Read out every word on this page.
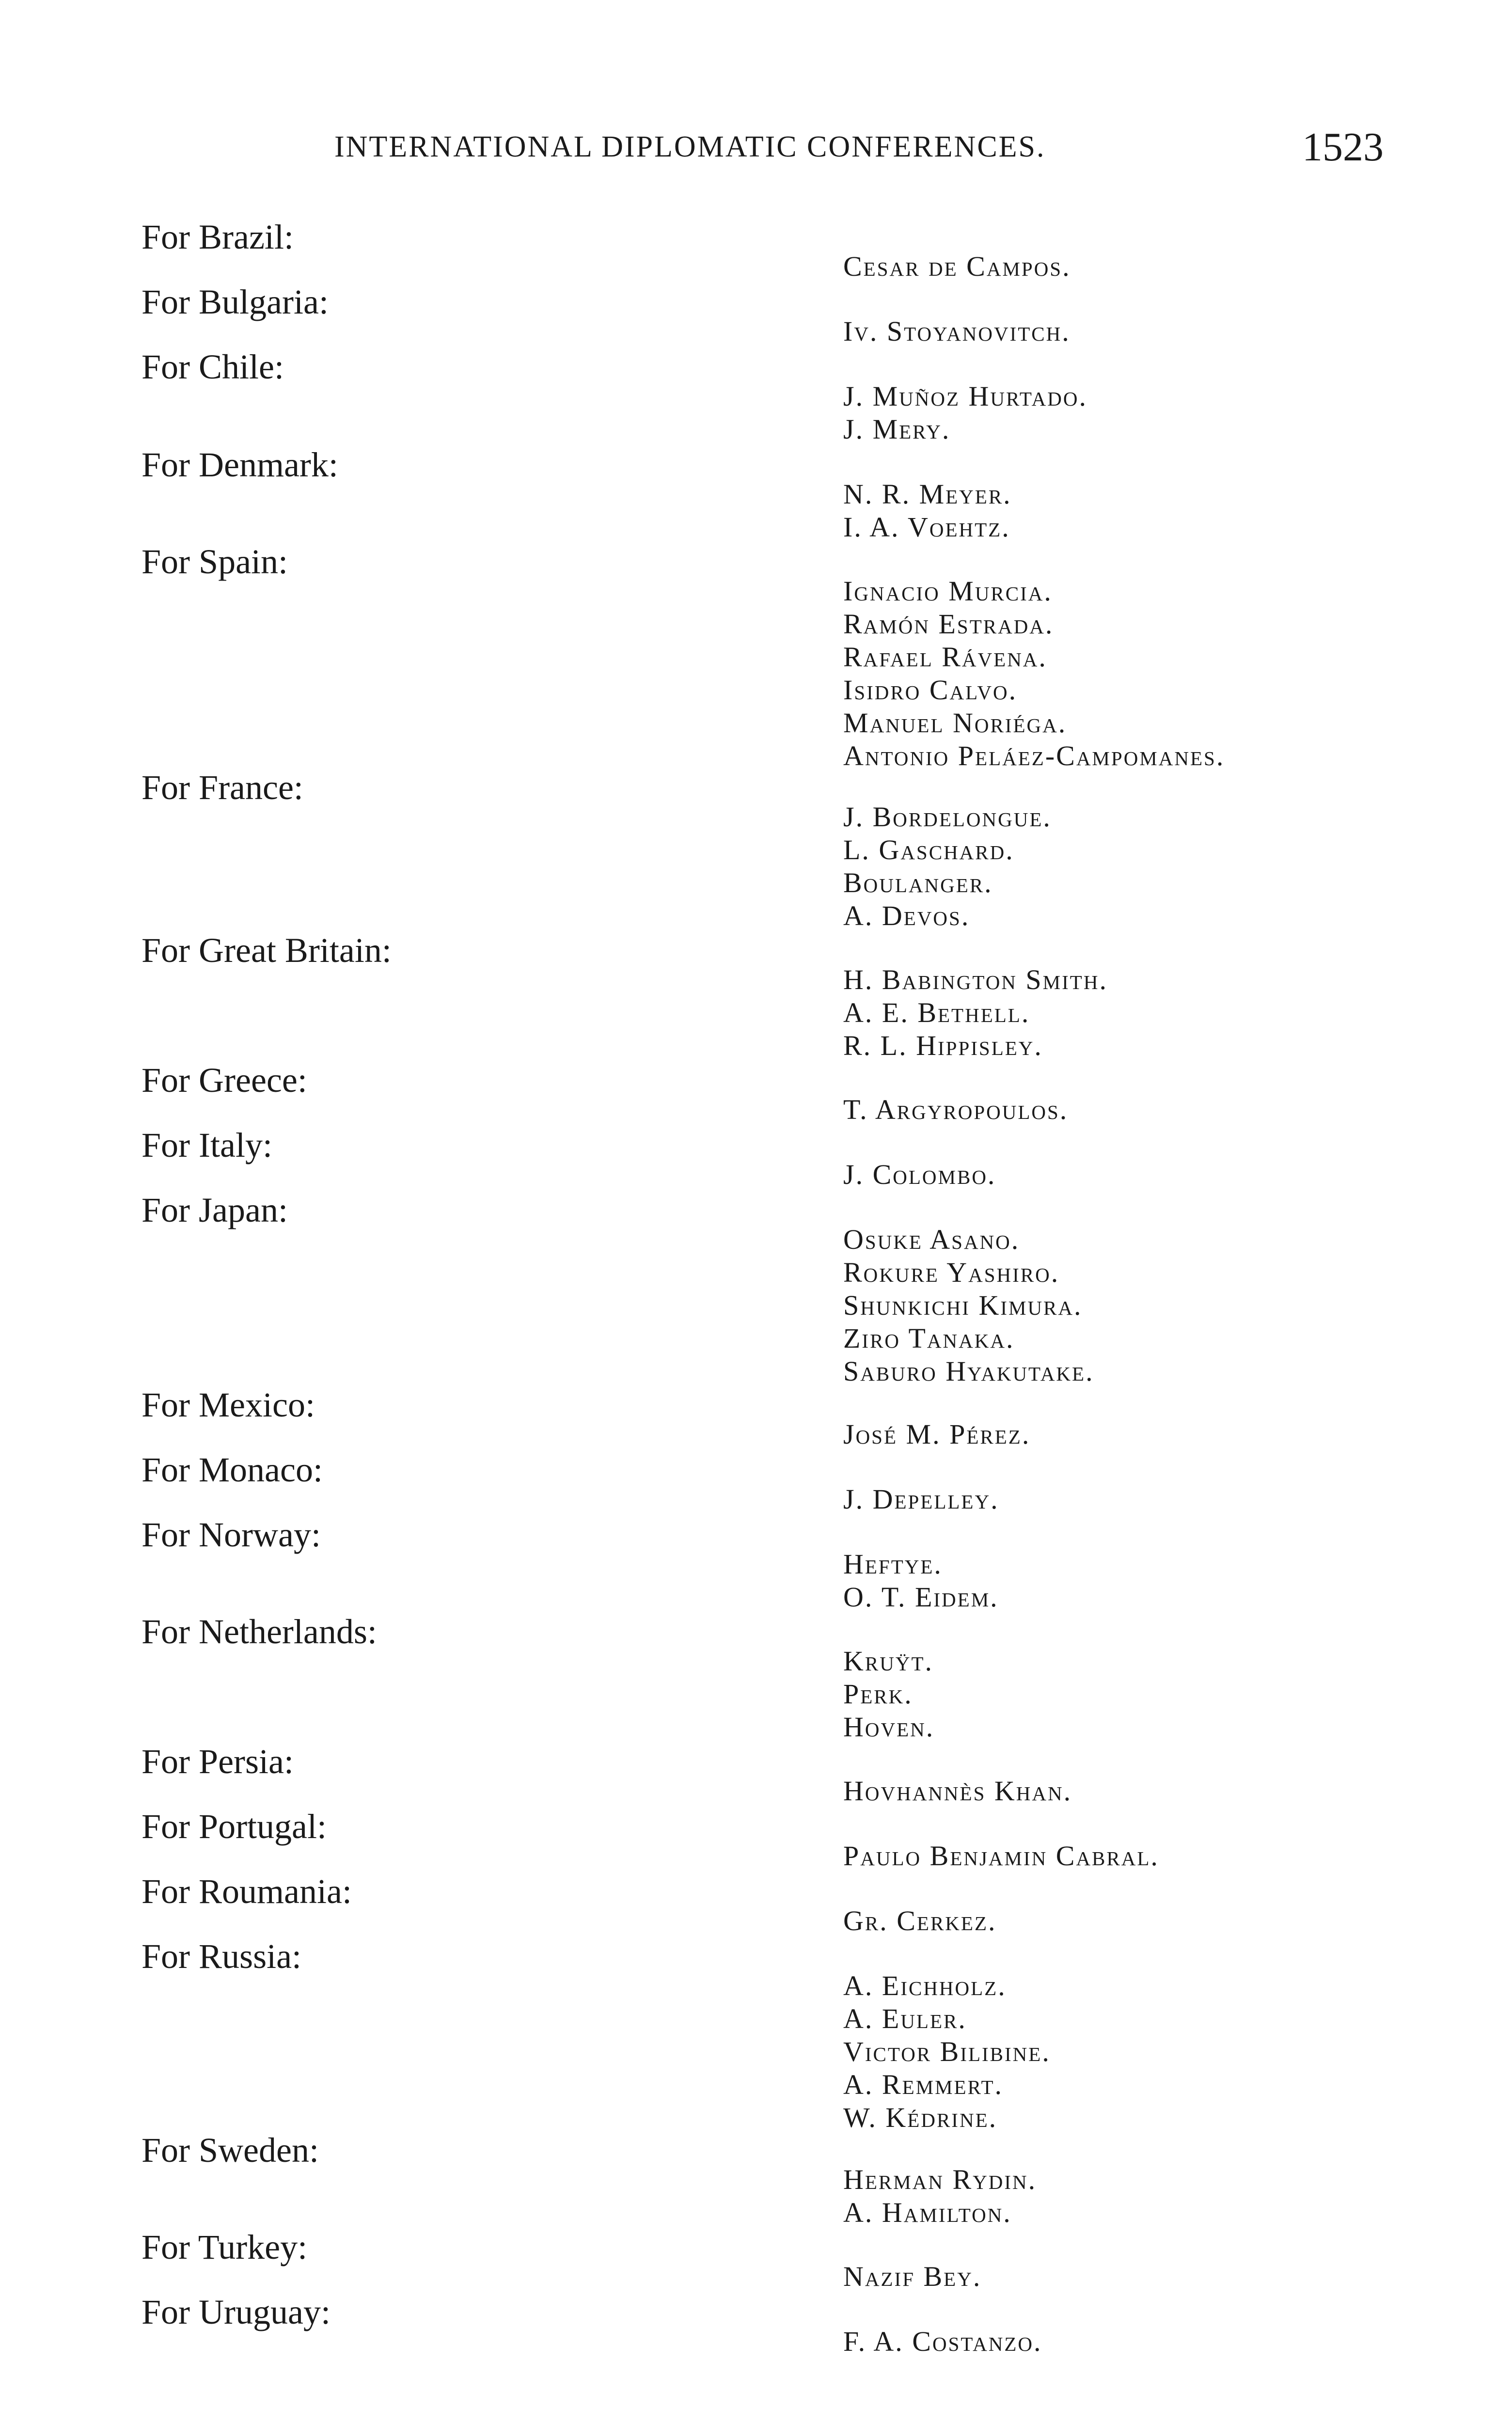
INTERNATIONAL DIPLOMATIC CONFERENCES.	1523
For Brazil:
Cesar de Campos.
For Bulgaria:
Iv. Stoyanovitch.
For Chile:
J. Muñoz Hurtado.
J. Mery.
For Denmark:
N. R. Meyer.
I. A. Voehtz.
For Spain:
Ignacio Murcia.
Ramón Estrada.
Rafael Rávena.
Isidro Calvo.
Manuel Noriéga.
Antonio Peláez-Campomanes.
For France:
J. Bordelongue.
L. Gaschard.
Boulanger.
A. Devos.
For Great Britain:
H. Babington Smith.
A. E. Bethell.
R. L. Hippisley.
For Greece:
T. Argyropoulos.
For Italy:
J. Colombo.
For Japan:
Osuke Asano.
Rokure Yashiro.
Shunkichi Kimura.
Ziro Tanaka.
Saburo Hyakutake.
For Mexico:
José M. Pérez.
For Monaco:
J. Depelley.
For Norway:
Heftye.
O. T. Eidem.
For Netherlands:
Kruÿt.
Perk.
Hoven.
For Persia:
Hovhannès Khan.
For Portugal:
Paulo Benjamin Cabral.
For Roumania:
Gr. Cerkez.
For Russia:
A. Eichholz.
A. Euler.
Victor Bilibine.
A. Remmert.
W. Kédrine.
For Sweden:
Herman Rydin.
A. Hamilton.
For Turkey:
Nazif Bey.
For Uruguay:
F. A. Costanzo.
